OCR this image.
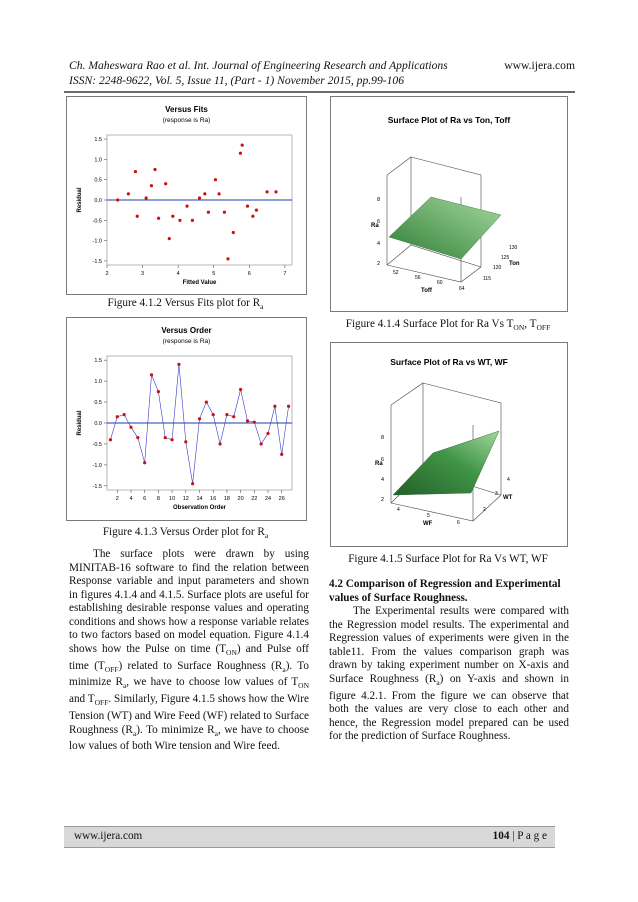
Ch. Maheswara Rao et al. Int. Journal of Engineering Research and Applications	www.ijera.com
ISSN: 2248-9622, Vol. 5, Issue 11, (Part - 1) November 2015, pp.99-106
Versus Fits
(response is Ra)
1.5
1.0
0.5
0.0
-0.5
-1.0
-1.5
2	3	4	5	6	7
Fitted Value
Residual
Figure 4.1.2 Versus Fits plot for $R_a$
Versus Order
(response is Ra)
1.5
1.0
0.5
0.0
-0.5
-1.0
-1.5
2 4 6 8 10 12 14 16 18 20 22 24 26
Observation Order
Residual
Figure 4.1.3 Versus Order plot for $R_a$
Surface Plot of Ra vs Ton, Toff
Ra
8
6
4
2
52
56
60
64
Toff
130
125
120
115
Ton
Figure 4.1.4 Surface Plot for Ra Vs $T_{ON}$, $T_{OFF}$
Surface Plot of Ra vs WT, WF
Ra
8
6
4
2
4
5
6
WF
4
3
2
WT
Figure 4.1.5 Surface Plot for Ra Vs WT, WF

The surface plots were drawn by using MINITAB-16 software to find the relation between Response variable and input parameters and shown in figures 4.1.4 and 4.1.5. Surface plots are useful for establishing desirable response values and operating conditions and shows how a response variable relates to two factors based on model equation. Figure 4.1.4 shows how the Pulse on time $(T_{ON})$ and Pulse off time $(T_{OFF})$ related to Surface Roughness $(R_a)$. To minimize $R_a$, we have to choose low values of $T_{ON}$ and $T_{OFF}$. Similarly, Figure 4.1.5 shows how the Wire Tension (WT) and Wire Feed (WF) related to Surface Roughness $(R_a)$. To minimize $R_a$, we have to choose low values of both Wire tension and Wire feed.

4.2 Comparison of Regression and Experimental values of Surface Roughness.

The Experimental results were compared with the Regression model results. The experimental and Regression values of experiments were given in the table11. From the values comparison graph was drawn by taking experiment number on X-axis and Surface Roughness $(R_a)$ on Y-axis and shown in figure 4.2.1. From the figure we can observe that both the values are very close to each other and hence, the Regression model prepared can be used for the prediction of Surface Roughness.

www.ijera.com	104 | P a g e
